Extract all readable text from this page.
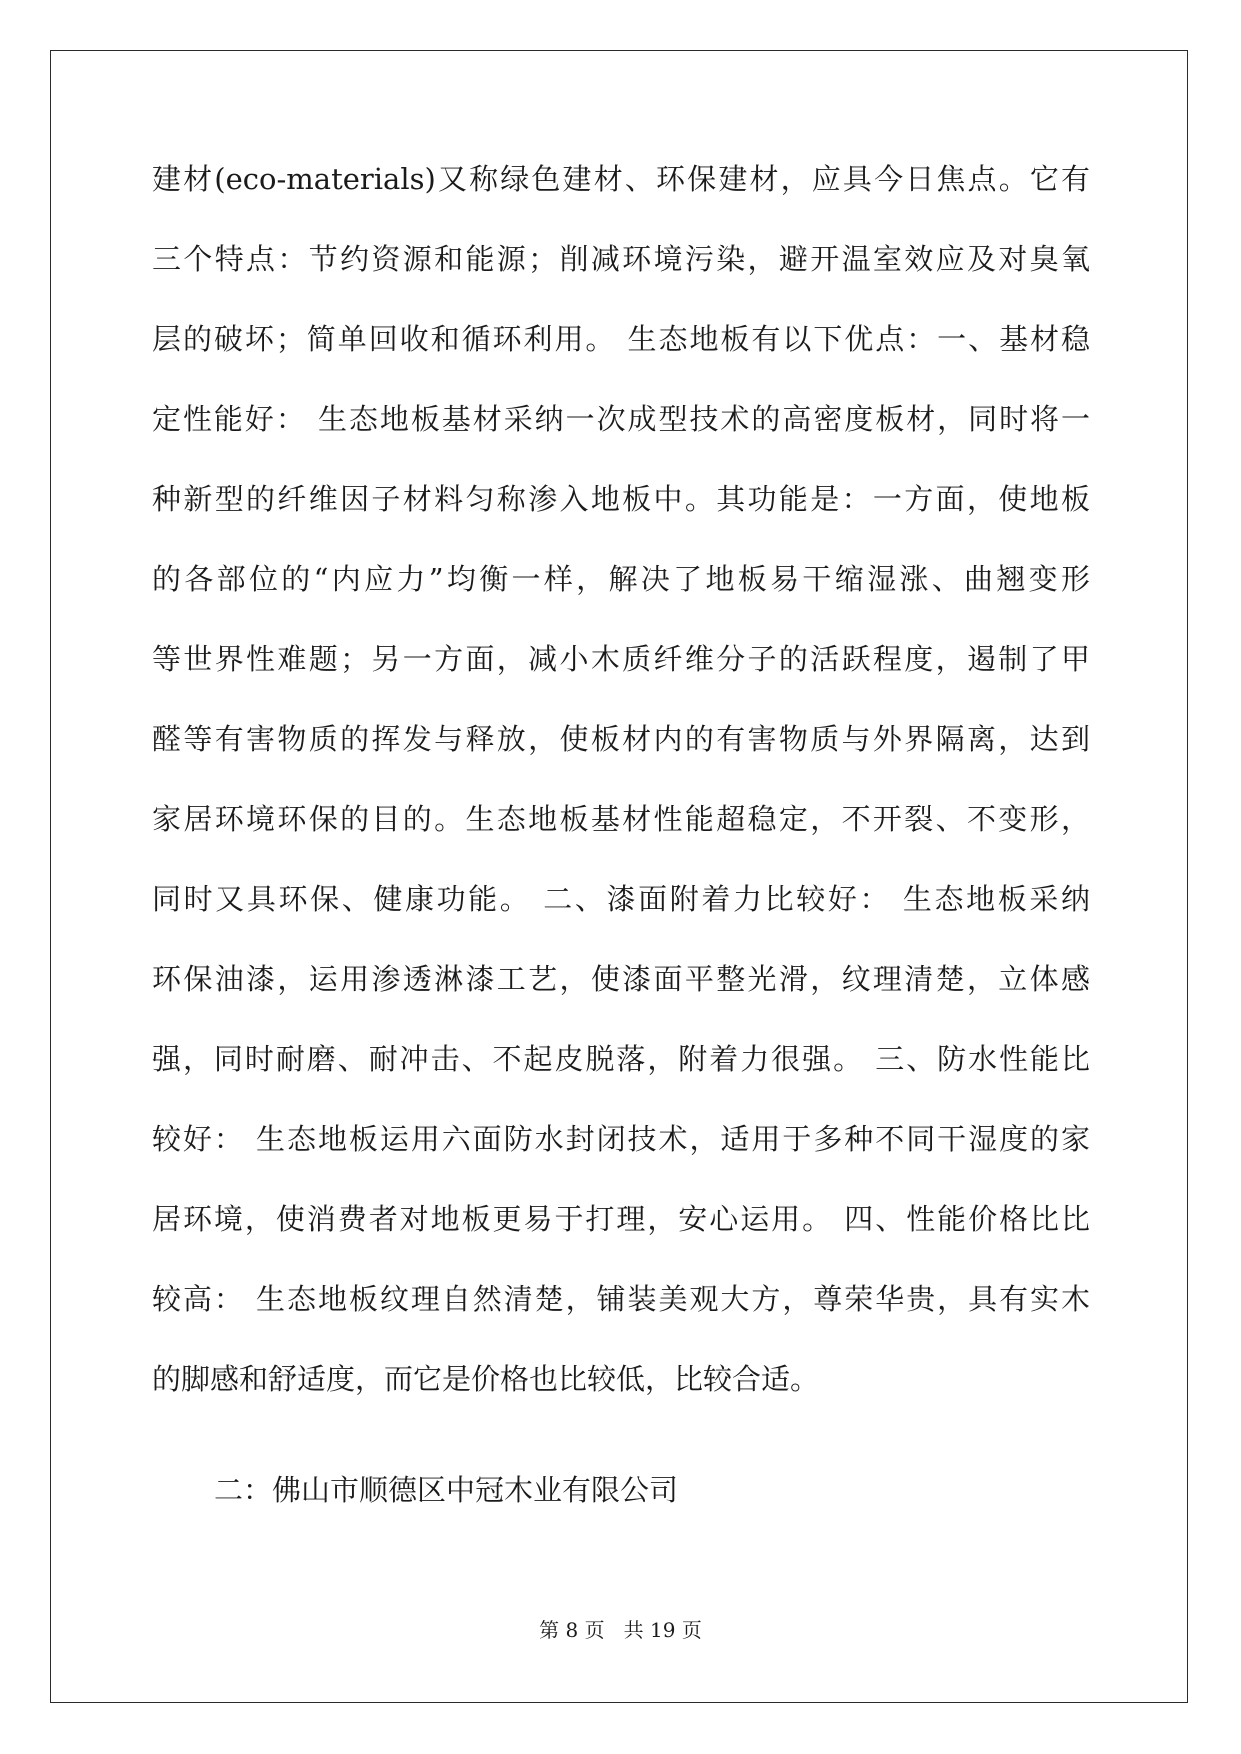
建材(eco-materials)又称绿色建材、环保建材，应具今日焦点。它有
三个特点：节约资源和能源；削减环境污染，避开温室效应及对臭氧
层的破坏；简单回收和循环利用。 生态地板有以下优点：一、基材稳
定性能好： 生态地板基材采纳一次成型技术的高密度板材，同时将一
种新型的纤维因子材料匀称渗入地板中。其功能是：一方面，使地板
的各部位的“内应力”均衡一样，解决了地板易干缩湿涨、曲翘变形
等世界性难题；另一方面，减小木质纤维分子的活跃程度，遏制了甲
醛等有害物质的挥发与释放，使板材内的有害物质与外界隔离，达到
家居环境环保的目的。生态地板基材性能超稳定，不开裂、不变形，
同时又具环保、健康功能。 二、漆面附着力比较好： 生态地板采纳
环保油漆，运用渗透淋漆工艺，使漆面平整光滑，纹理清楚，立体感
强，同时耐磨、耐冲击、不起皮脱落，附着力很强。 三、防水性能比
较好： 生态地板运用六面防水封闭技术，适用于多种不同干湿度的家
居环境，使消费者对地板更易于打理，安心运用。 四、性能价格比比
较高： 生态地板纹理自然清楚，铺装美观大方，尊荣华贵，具有实木
的脚感和舒适度，而它是价格也比较低，比较合适。
二：佛山市顺德区中冠木业有限公司
第 8 页   共 19 页
